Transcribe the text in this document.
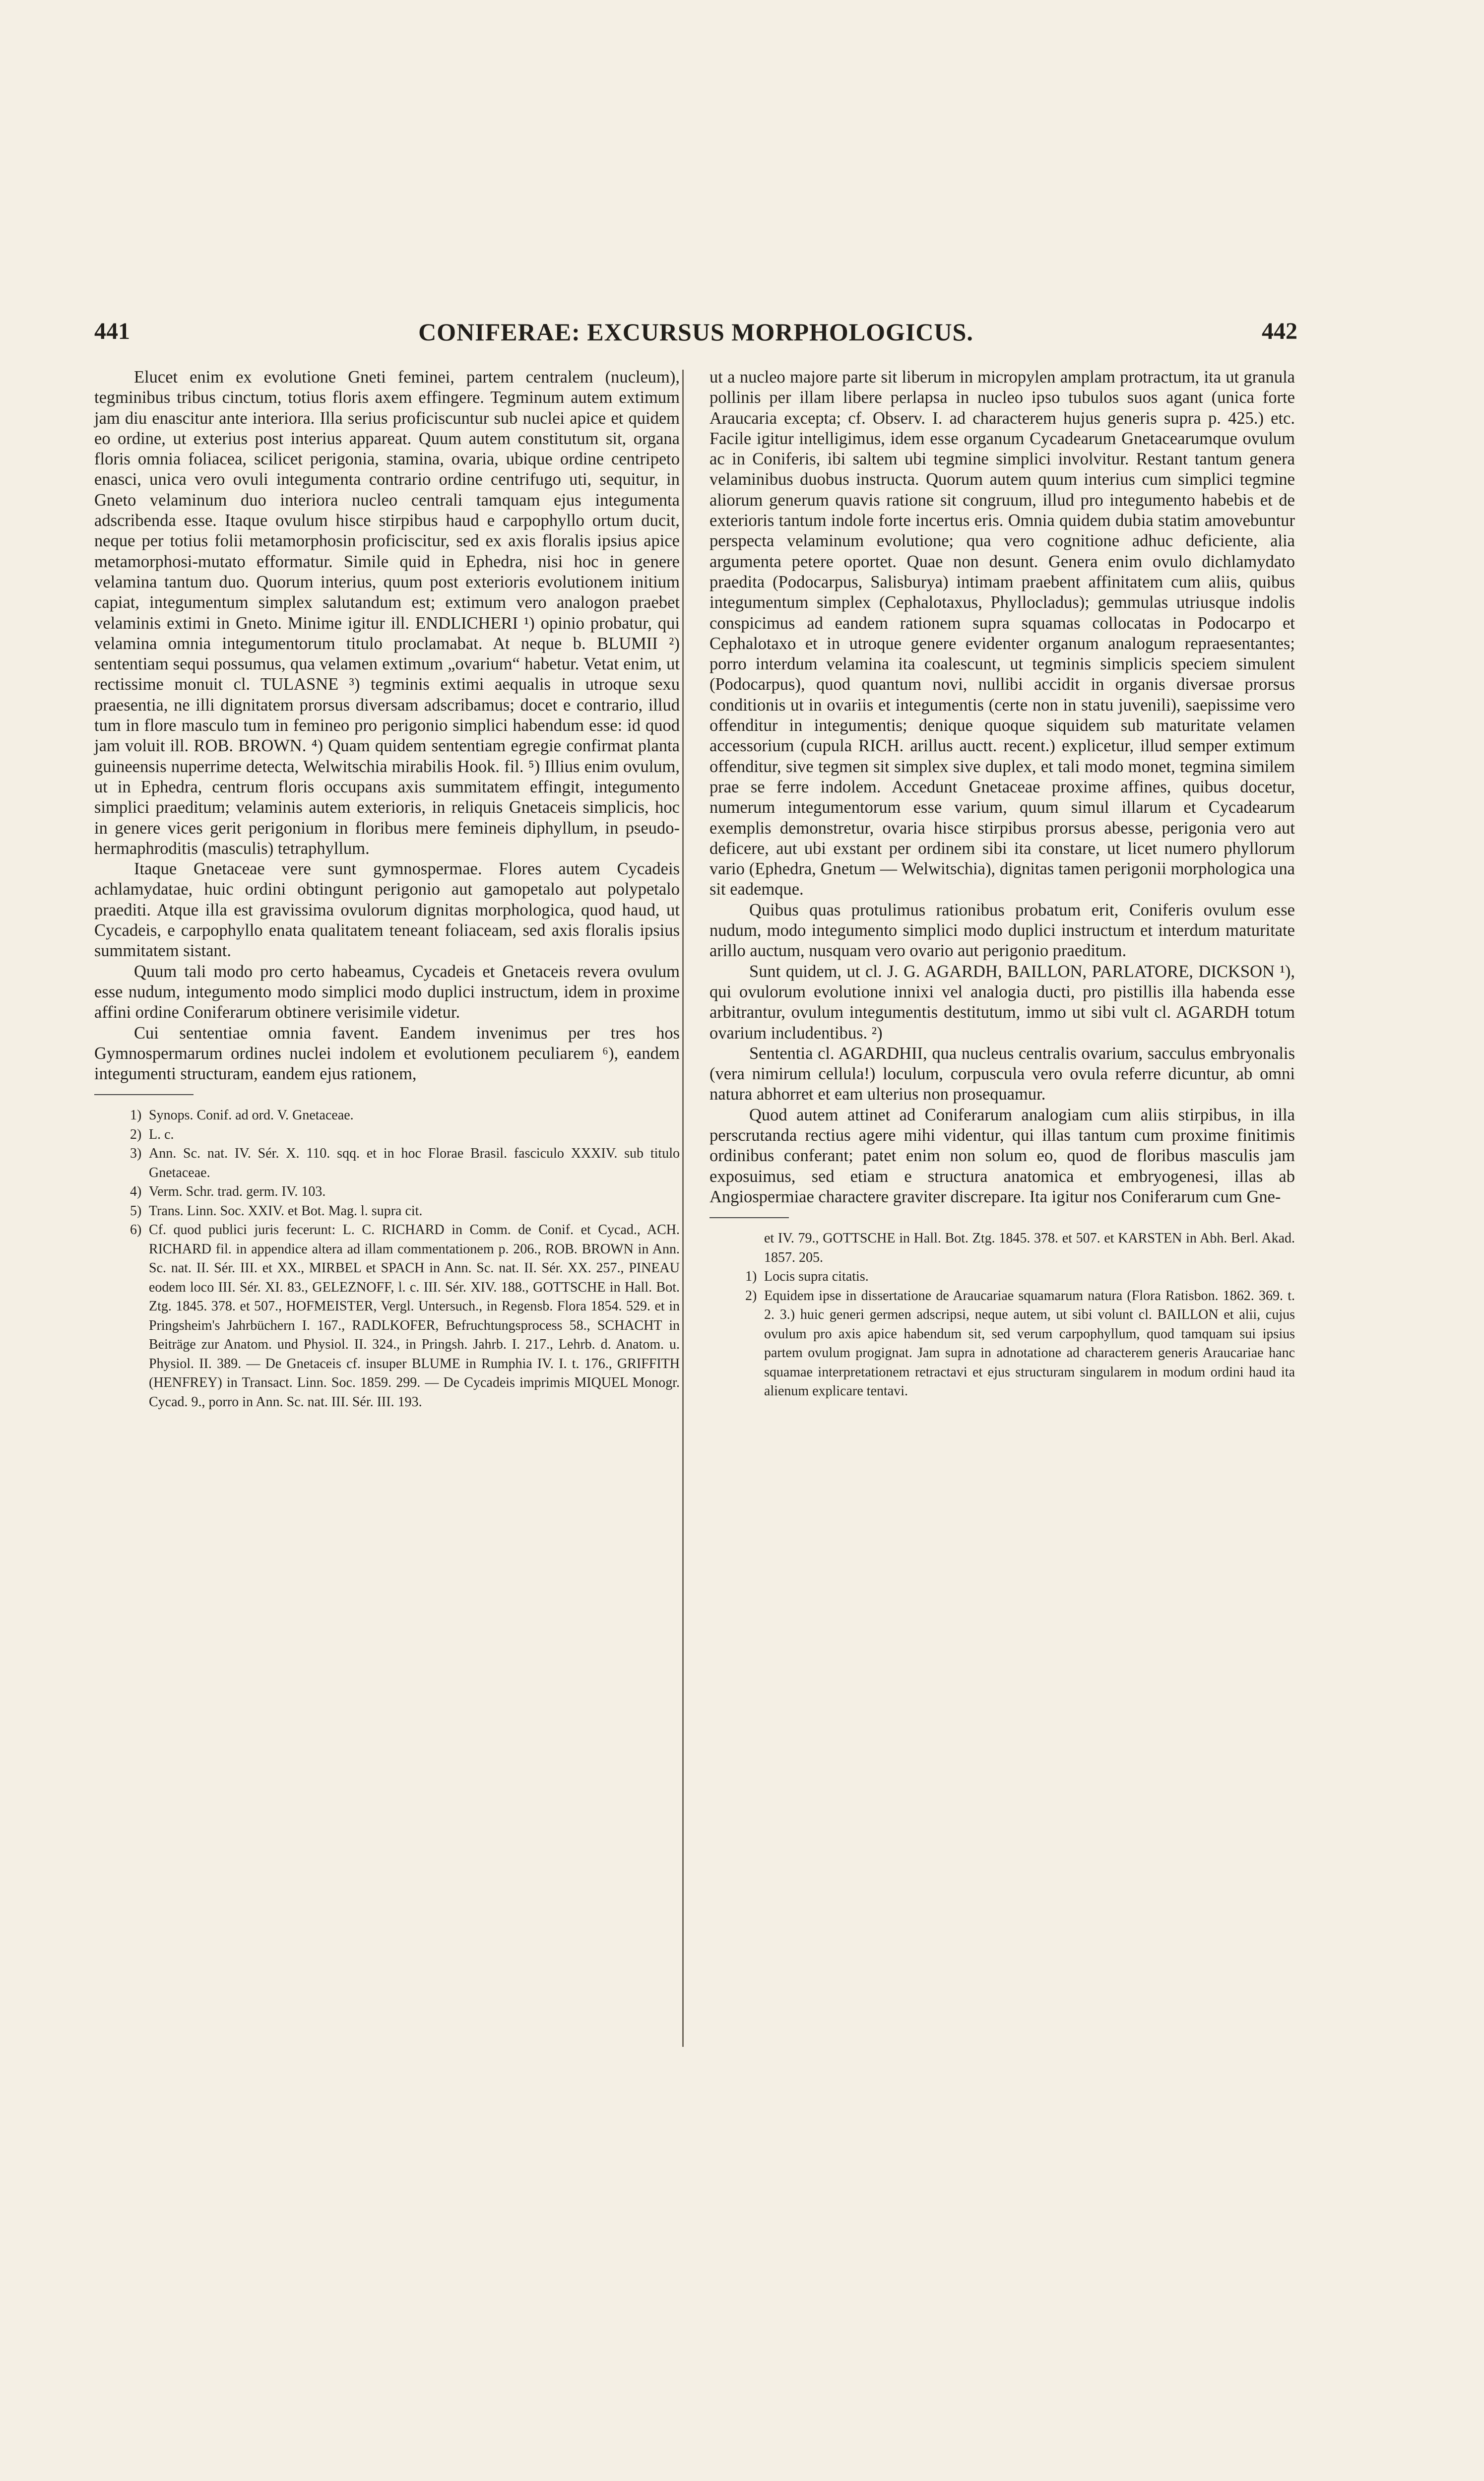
441	CONIFERAE: EXCURSUS MORPHOLOGICUS.	442

Elucet enim ex evolutione Gneti feminei, partem centralem (nucleum), tegminibus tribus cinctum, totius floris axem effingere. Tegminum autem extimum jam diu enascitur ante interiora. Illa serius proficiscuntur sub nuclei apice et quidem eo ordine, ut exterius post interius appareat. Quum autem constitutum sit, organa floris omnia foliacea, scilicet perigonia, stamina, ovaria, ubique ordine centripeto enasci, unica vero ovuli integumenta contrario ordine centrifugo uti, sequitur, in Gneto velaminum duo interiora nucleo centrali tamquam ejus integumenta adscribenda esse. Itaque ovulum hisce stirpibus haud e carpophyllo ortum ducit, neque per totius folii metamorphosin proficiscitur, sed ex axis floralis ipsius apice metamorphosi-mutato efformatur. Simile quid in Ephedra, nisi hoc in genere velamina tantum duo. Quorum interius, quum post exterioris evolutionem initium capiat, integumentum simplex salutandum est; extimum vero analogon praebet velaminis extimi in Gneto. Minime igitur ill. ENDLICHERI ¹) opinio probatur, qui velamina omnia integumentorum titulo proclamabat. At neque b. BLUMII ²) sententiam sequi possumus, qua velamen extimum „ovarium“ habetur. Vetat enim, ut rectissime monuit cl. TULASNE ³) tegminis extimi aequalis in utroque sexu praesentia, ne illi dignitatem prorsus diversam adscribamus; docet e contrario, illud tum in flore masculo tum in femineo pro perigonio simplici habendum esse: id quod jam voluit ill. ROB. BROWN. ⁴) Quam quidem sententiam egregie confirmat planta guineensis nuperrime detecta, Welwitschia mirabilis Hook. fil. ⁵) Illius enim ovulum, ut in Ephedra, centrum floris occupans axis summitatem effingit, integumento simplici praeditum; velaminis autem exterioris, in reliquis Gnetaceis simplicis, hoc in genere vices gerit perigonium in floribus mere femineis diphyllum, in pseudo-hermaphroditis (masculis) tetraphyllum.

Itaque Gnetaceae vere sunt gymnospermae. Flores autem Cycadeis achlamydatae, huic ordini obtingunt perigonio aut gamopetalo aut polypetalo praediti. Atque illa est gravissima ovulorum dignitas morphologica, quod haud, ut Cycadeis, e carpophyllo enata qualitatem teneant foliaceam, sed axis floralis ipsius summitatem sistant.

Quum tali modo pro certo habeamus, Cycadeis et Gnetaceis revera ovulum esse nudum, integumento modo simplici modo duplici instructum, idem in proxime affini ordine Coniferarum obtinere verisimile videtur.

Cui sententiae omnia favent. Eandem invenimus per tres hos Gymnospermarum ordines nuclei indolem et evolutionem peculiarem ⁶), eandem integumenti structuram, eandem ejus rationem,

1) Synops. Conif. ad ord. V. Gnetaceae.
2) L. c.
3) Ann. Sc. nat. IV. Sér. X. 110. sqq. et in hoc Florae Brasil. fasciculo XXXIV. sub titulo Gnetaceae.
4) Verm. Schr. trad. germ. IV. 103.
5) Trans. Linn. Soc. XXIV. et Bot. Mag. l. supra cit.
6) Cf. quod publici juris fecerunt: L. C. RICHARD in Comm. de Conif. et Cycad., ACH. RICHARD fil. in appendice altera ad illam commentationem p. 206., ROB. BROWN in Ann. Sc. nat. II. Sér. III. et XX., MIRBEL et SPACH in Ann. Sc. nat. II. Sér. XX. 257., PINEAU eodem loco III. Sér. XI. 83., GELEZNOFF, l. c. III. Sér. XIV. 188., GOTTSCHE in Hall. Bot. Ztg. 1845. 378. et 507., HOFMEISTER, Vergl. Untersuch., in Regensb. Flora 1854. 529. et in Pringsheim's Jahrbüchern I. 167., RADLKOFER, Befruchtungsprocess 58., SCHACHT in Beiträge zur Anatom. und Physiol. II. 324., in Pringsh. Jahrb. I. 217., Lehrb. d. Anatom. u. Physiol. II. 389. — De Gnetaceis cf. insuper BLUME in Rumphia IV. I. t. 176., GRIFFITH (HENFREY) in Transact. Linn. Soc. 1859. 299. — De Cycadeis imprimis MIQUEL Monogr. Cycad. 9., porro in Ann. Sc. nat. III. Sér. III. 193.

ut a nucleo majore parte sit liberum in micropylen amplam protractum, ita ut granula pollinis per illam libere perlapsa in nucleo ipso tubulos suos agant (unica forte Araucaria excepta; cf. Observ. I. ad characterem hujus generis supra p. 425.) etc. Facile igitur intelligimus, idem esse organum Cycadearum Gnetacearumque ovulum ac in Coniferis, ibi saltem ubi tegmine simplici involvitur. Restant tantum genera velaminibus duobus instructa. Quorum autem quum interius cum simplici tegmine aliorum generum quavis ratione sit congruum, illud pro integumento habebis et de exterioris tantum indole forte incertus eris. Omnia quidem dubia statim amovebuntur perspecta velaminum evolutione; qua vero cognitione adhuc deficiente, alia argumenta petere oportet. Quae non desunt. Genera enim ovulo dichlamydato praedita (Podocarpus, Salisburya) intimam praebent affinitatem cum aliis, quibus integumentum simplex (Cephalotaxus, Phyllocladus); gemmulas utriusque indolis conspicimus ad eandem rationem supra squamas collocatas in Podocarpo et Cephalotaxo et in utroque genere evidenter organum analogum repraesentantes; porro interdum velamina ita coalescunt, ut tegminis simplicis speciem simulent (Podocarpus), quod quantum novi, nullibi accidit in organis diversae prorsus conditionis ut in ovariis et integumentis (certe non in statu juvenili), saepissime vero offenditur in integumentis; denique quoque siquidem sub maturitate velamen accessorium (cupula RICH. arillus auctt. recent.) explicetur, illud semper extimum offenditur, sive tegmen sit simplex sive duplex, et tali modo monet, tegmina similem prae se ferre indolem. Accedunt Gnetaceae proxime affines, quibus docetur, numerum integumentorum esse varium, quum simul illarum et Cycadearum exemplis demonstretur, ovaria hisce stirpibus prorsus abesse, perigonia vero aut deficere, aut ubi exstant per ordinem sibi ita constare, ut licet numero phyllorum vario (Ephedra, Gnetum — Welwitschia), dignitas tamen perigonii morphologica una sit eademque.

Quibus quas protulimus rationibus probatum erit, Coniferis ovulum esse nudum, modo integumento simplici modo duplici instructum et interdum maturitate arillo auctum, nusquam vero ovario aut perigonio praeditum.

Sunt quidem, ut cl. J. G. AGARDH, BAILLON, PARLATORE, DICKSON ¹), qui ovulorum evolutione innixi vel analogia ducti, pro pistillis illa habenda esse arbitrantur, ovulum integumentis destitutum, immo ut sibi vult cl. AGARDH totum ovarium includentibus. ²)

Sententia cl. AGARDHII, qua nucleus centralis ovarium, sacculus embryonalis (vera nimirum cellula!) loculum, corpuscula vero ovula referre dicuntur, ab omni natura abhorret et eam ulterius non prosequamur.

Quod autem attinet ad Coniferarum analogiam cum aliis stirpibus, in illa perscrutanda rectius agere mihi videntur, qui illas tantum cum proxime finitimis ordinibus conferant; patet enim non solum eo, quod de floribus masculis jam exposuimus, sed etiam e structura anatomica et embryogenesi, illas ab Angiospermiae charactere graviter discrepare. Ita igitur nos Coniferarum cum Gne-

et IV. 79., GOTTSCHE in Hall. Bot. Ztg. 1845. 378. et 507. et KARSTEN in Abh. Berl. Akad. 1857. 205.
1) Locis supra citatis.
2) Equidem ipse in dissertatione de Araucariae squamarum natura (Flora Ratisbon. 1862. 369. t. 2. 3.) huic generi germen adscripsi, neque autem, ut sibi volunt cl. BAILLON et alii, cujus ovulum pro axis apice habendum sit, sed verum carpophyllum, quod tamquam sui ipsius partem ovulum progignat. Jam supra in adnotatione ad characterem generis Araucariae hanc squamae interpretationem retractavi et ejus structuram singularem in modum ordini haud ita alienum explicare tentavi.
